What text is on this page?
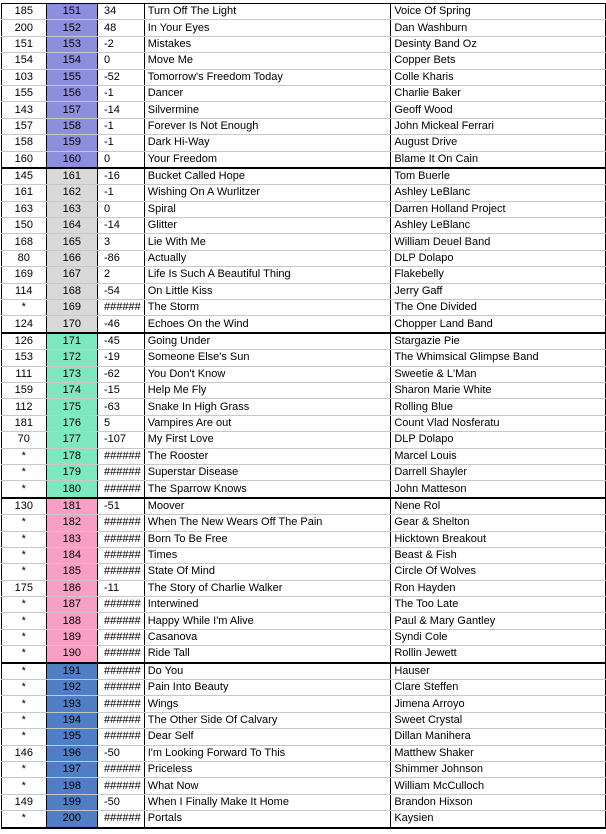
185	151	34	Turn Off The Light	Voice Of Spring
200	152	48	In Your Eyes	Dan Washburn
151	153	-2	Mistakes	Desinty Band Oz
154	154	0	Move Me	Copper Bets
103	155	-52	Tomorrow's Freedom Today	Colle Kharis
155	156	-1	Dancer	Charlie Baker
143	157	-14	Silvermine	Geoff Wood
157	158	-1	Forever Is Not Enough	John Mickeal Ferrari
158	159	-1	Dark Hi-Way	August Drive
160	160	0	Your Freedom	Blame It On Cain
145	161	-16	Bucket Called Hope	Tom Buerle
161	162	-1	Wishing On A Wurlitzer	Ashley LeBlanc
163	163	0	Spiral	Darren Holland Project
150	164	-14	Glitter	Ashley LeBlanc
168	165	3	Lie With Me	William Deuel Band
80	166	-86	Actually	DLP Dolapo
169	167	2	Life Is Such A Beautiful Thing	Flakebelly
114	168	-54	On Little Kiss	Jerry Gaff
*	169	######	The Storm	The One Divided
124	170	-46	Echoes On the Wind	Chopper Land Band
126	171	-45	Going Under	Stargazie Pie
153	172	-19	Someone Else's Sun	The Whimsical Glimpse Band
111	173	-62	You Don't Know	Sweetie & L'Man
159	174	-15	Help Me Fly	Sharon Marie White
112	175	-63	Snake In High Grass	Rolling Blue
181	176	5	Vampires Are out	Count Vlad Nosferatu
70	177	-107	My First Love	DLP Dolapo
*	178	######	The Rooster	Marcel Louis
*	179	######	Superstar Disease	Darrell Shayler
*	180	######	The Sparrow Knows	John Matteson
130	181	-51	Moover	Nene Rol
*	182	######	When The New Wears Off The Pain	Gear & Shelton
*	183	######	Born To Be Free	Hicktown Breakout
*	184	######	Times	Beast & Fish
*	185	######	State Of Mind	Circle Of Wolves
175	186	-11	The Story of Charlie Walker	Ron Hayden
*	187	######	Interwined	The Too Late
*	188	######	Happy While I'm Alive	Paul & Mary Gantley
*	189	######	Casanova	Syndi Cole
*	190	######	Ride Tall	Rollin Jewett
*	191	######	Do You	Hauser
*	192	######	Pain Into Beauty	Clare Steffen
*	193	######	Wings	Jimena Arroyo
*	194	######	The Other Side Of Calvary	Sweet Crystal
*	195	######	Dear Self	Dillan Manihera
146	196	-50	I'm Looking Forward To This	Matthew Shaker
*	197	######	Priceless	Shimmer Johnson
*	198	######	What Now	William McCulloch
149	199	-50	When I Finally Make It Home	Brandon Hixson
*	200	######	Portals	Kaysien
